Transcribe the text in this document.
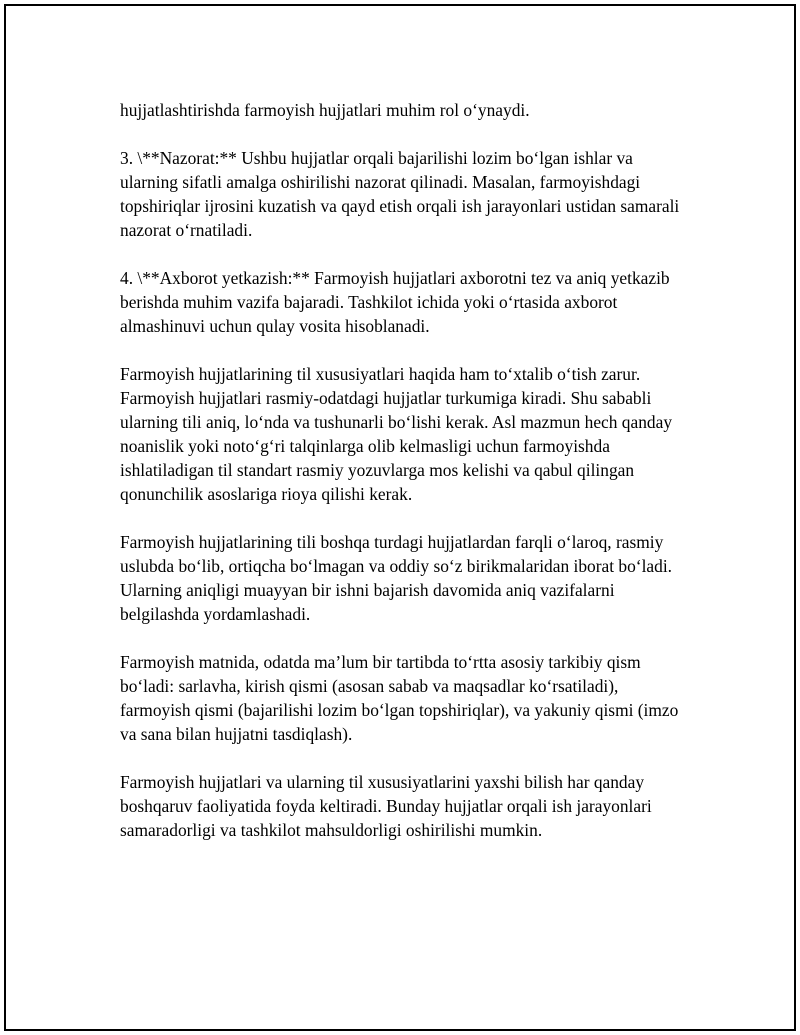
hujjatlashtirishda farmoyish hujjatlari muhim rol oʻynaydi.

3. \**Nazorat:** Ushbu hujjatlar orqali bajarilishi lozim boʻlgan ishlar va ularning sifatli amalga oshirilishi nazorat qilinadi. Masalan, farmoyishdagi topshiriqlar ijrosini kuzatish va qayd etish orqali ish jarayonlari ustidan samarali nazorat oʻrnatiladi.

4. \**Axborot yetkazish:** Farmoyish hujjatlari axborotni tez va aniq yetkazib berishda muhim vazifa bajaradi. Tashkilot ichida yoki oʻrtasida axborot almashinuvi uchun qulay vosita hisoblanadi.

Farmoyish hujjatlarining til xususiyatlari haqida ham toʻxtalib oʻtish zarur. Farmoyish hujjatlari rasmiy-odatdagi hujjatlar turkumiga kiradi. Shu sababli ularning tili aniq, loʻnda va tushunarli boʻlishi kerak. Asl mazmun hech qanday noanislik yoki notoʻgʻri talqinlarga olib kelmasligi uchun farmoyishda ishlatiladigan til standart rasmiy yozuvlarga mos kelishi va qabul qilingan qonunchilik asoslariga rioya qilishi kerak.

Farmoyish hujjatlarining tili boshqa turdagi hujjatlardan farqli oʻlaroq, rasmiy uslubda boʻlib, ortiqcha boʻlmagan va oddiy soʻz birikmalaridan iborat boʻladi. Ularning aniqligi muayyan bir ishni bajarish davomida aniq vazifalarni belgilashda yordamlashadi.

Farmoyish matnida, odatda maʼlum bir tartibda toʻrtta asosiy tarkibiy qism boʻladi: sarlavha, kirish qismi (asosan sabab va maqsadlar koʻrsatiladi), farmoyish qismi (bajarilishi lozim boʻlgan topshiriqlar), va yakuniy qismi (imzo va sana bilan hujjatni tasdiqlash).

Farmoyish hujjatlari va ularning til xususiyatlarini yaxshi bilish har qanday boshqaruv faoliyatida foyda keltiradi. Bunday hujjatlar orqali ish jarayonlari samaradorligi va tashkilot mahsuldorligi oshirilishi mumkin.
